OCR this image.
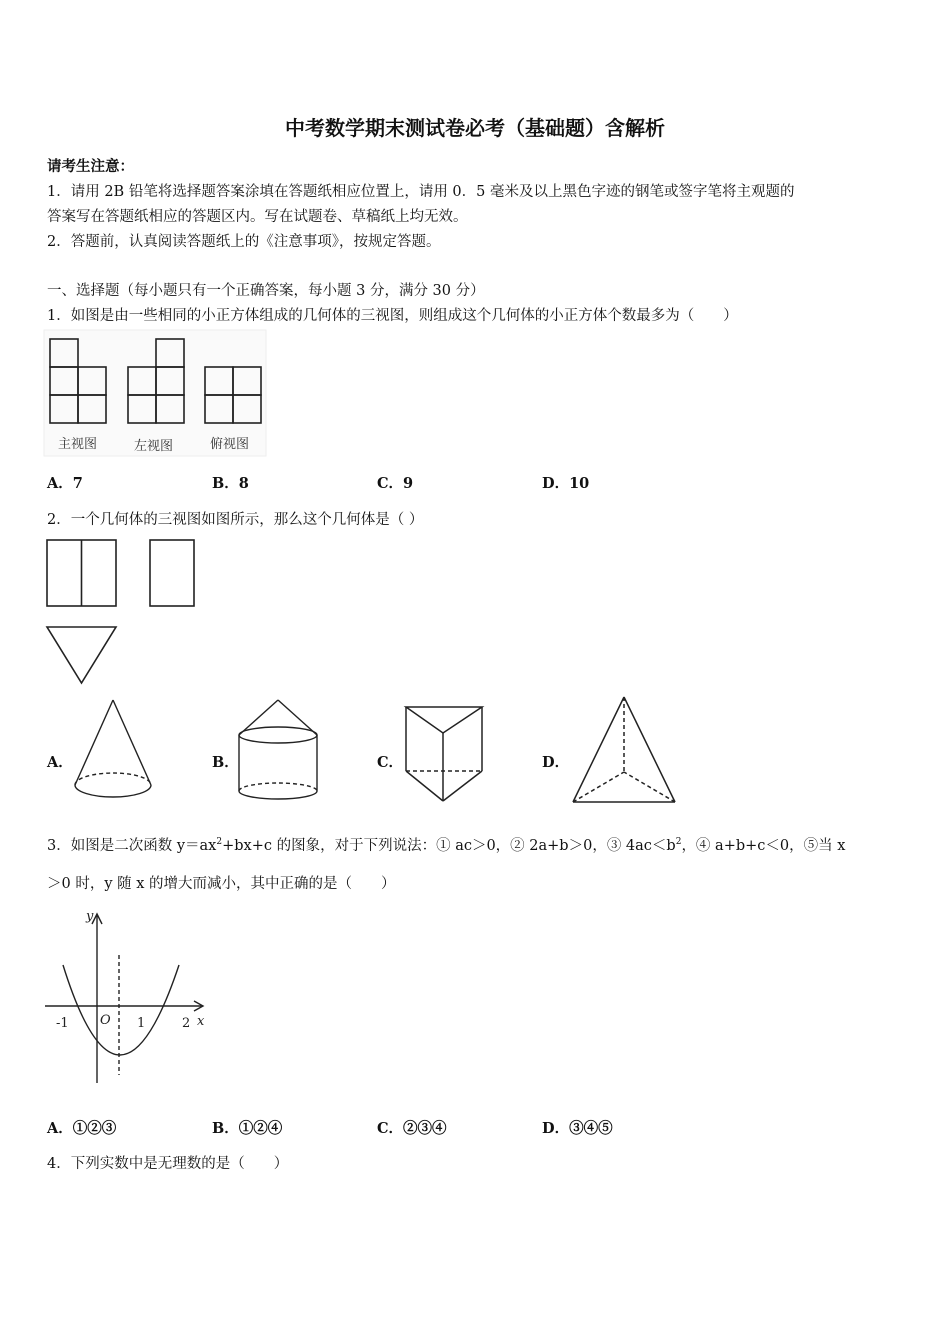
中考数学期末测试卷必考（基础题）含解析
请考生注意：
1．请用 2B 铅笔将选择题答案涂填在答题纸相应位置上，请用 0．5 毫米及以上黑色字迹的钢笔或签字笔将主观题的
答案写在答题纸相应的答题区内。写在试题卷、草稿纸上均无效。
2．答题前，认真阅读答题纸上的《注意事项》，按规定答题。
一、选择题（每小题只有一个正确答案，每小题 3 分，满分 30 分）
1．如图是由一些相同的小正方体组成的几何体的三视图，则组成这个几何体的小正方体个数最多为（　　）
主视图	左视图	俯视图
A．7	B．8	C．9	D．10
2．一个几何体的三视图如图所示，那么这个几何体是（ ）
A．	B．	C．	D．
3．如图是二次函数 $y=ax^2+bx+c$ 的图象，对于下列说法：① ac＞0，② 2a+b＞0，③ $4ac<b^2$，④ a+b+c＜0，⑤当 x
＞0 时，y 随 x 的增大而减小，其中正确的是（　　）
y
x
O
-1	1	2
A．①②③	B．①②④	C．②③④	D．③④⑤
4．下列实数中是无理数的是（　　）
